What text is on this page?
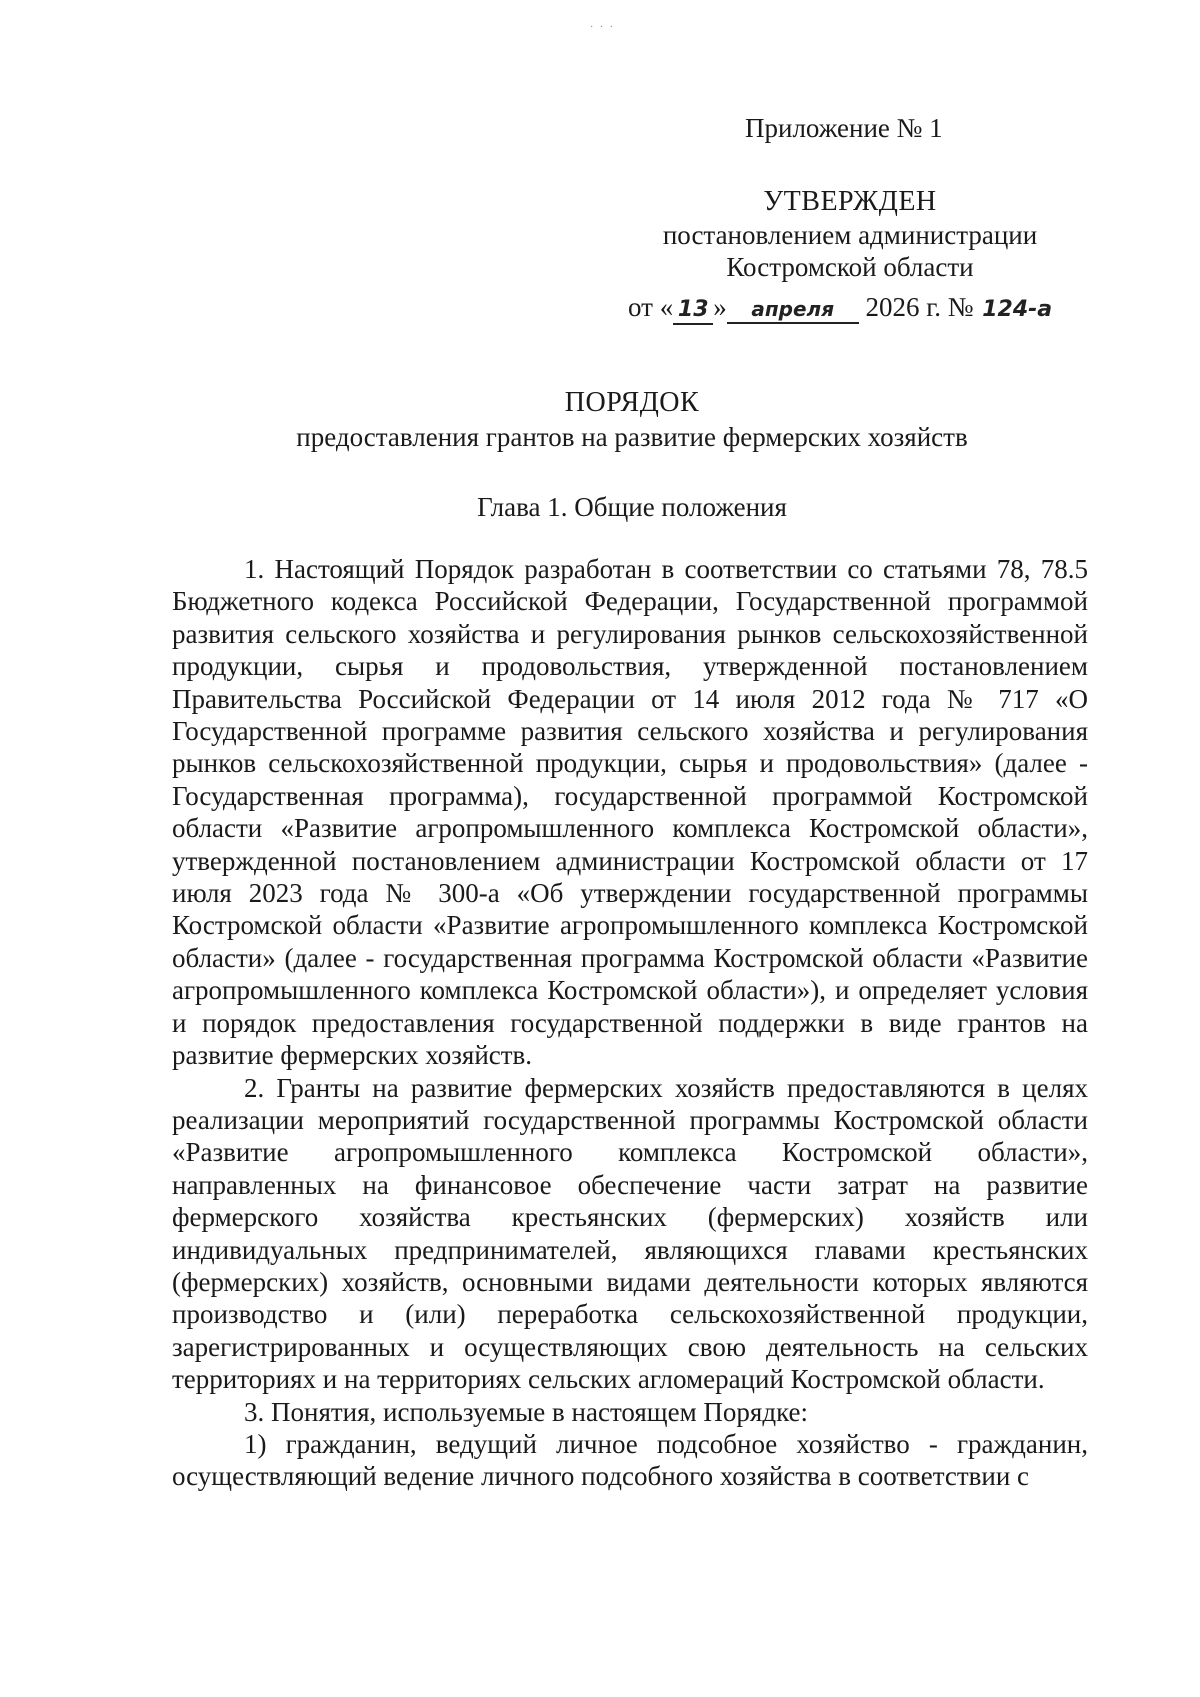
· · ·
Приложение № 1
УТВЕРЖДЕН
постановлением администрации
Костромской области
от « 13 » апреля 2026 г. № 124-а
ПОРЯДОК
предоставления грантов на развитие фермерских хозяйств
Глава 1. Общие положения

1. Настоящий Порядок разработан в соответствии со статьями 78, 78.5 Бюджетного кодекса Российской Федерации, Государственной программой развития сельского хозяйства и регулирования рынков сельскохозяйственной продукции, сырья и продовольствия, утвержденной постановлением Правительства Российской Федерации от 14 июля 2012 года № 717 «О Государственной программе развития сельского хозяйства и регулирования рынков сельскохозяйственной продукции, сырья и продовольствия» (далее - Государственная программа), государственной программой Костромской области «Развитие агропромышленного комплекса Костромской области», утвержденной постановлением администрации Костромской области от 17 июля 2023 года № 300-а «Об утверждении государственной программы Костромской области «Развитие агропромышленного комплекса Костромской области» (далее - государственная программа Костромской области «Развитие агропромышленного комплекса Костромской области»), и определяет условия и порядок предоставления государственной поддержки в виде грантов на развитие фермерских хозяйств.

2. Гранты на развитие фермерских хозяйств предоставляются в целях реализации мероприятий государственной программы Костромской области «Развитие агропромышленного комплекса Костромской области», направленных на финансовое обеспечение части затрат на развитие фермерского хозяйства крестьянских (фермерских) хозяйств или индивидуальных предпринимателей, являющихся главами крестьянских (фермерских) хозяйств, основными видами деятельности которых являются производство и (или) переработка сельскохозяйственной продукции, зарегистрированных и осуществляющих свою деятельность на сельских территориях и на территориях сельских агломераций Костромской области.

3. Понятия, используемые в настоящем Порядке:

1) гражданин, ведущий личное подсобное хозяйство - гражданин, осуществляющий ведение личного подсобного хозяйства в соответствии с
